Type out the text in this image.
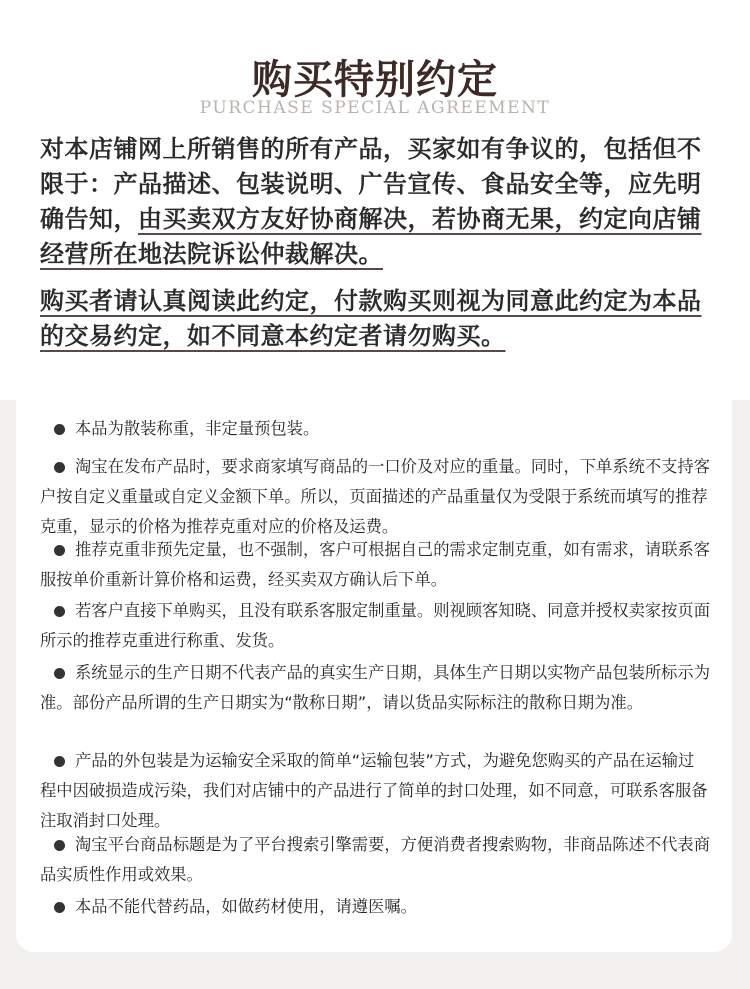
购买特别约定
PURCHASE SPECIAL AGREEMENT
对本店铺网上所销售的所有产品，买家如有争议的，包括但不限于：产品描述、包装说明、广告宣传、食品安全等，应先明确告知，由买卖双方友好协商解决，若协商无果，约定向店铺经营所在地法院诉讼仲裁解决。
购买者请认真阅读此约定，付款购买则视为同意此约定为本品的交易约定，如不同意本约定者请勿购买。
本品为散装称重，非定量预包装。
淘宝在发布产品时，要求商家填写商品的一口价及对应的重量。同时，下单系统不支持客户按自定义重量或自定义金额下单。所以，页面描述的产品重量仅为受限于系统而填写的推荐克重，显示的价格为推荐克重对应的价格及运费。
推荐克重非预先定量，也不强制，客户可根据自己的需求定制克重，如有需求，请联系客服按单价重新计算价格和运费，经买卖双方确认后下单。
若客户直接下单购买，且没有联系客服定制重量。则视顾客知晓、同意并授权卖家按页面所示的推荐克重进行称重、发货。
系统显示的生产日期不代表产品的真实生产日期，具体生产日期以实物产品包装所标示为准。部份产品所谓的生产日期实为“散称日期”，请以货品实际标注的散称日期为准。
产品的外包装是为运输安全采取的简单“运输包装”方式，为避免您购买的产品在运输过程中因破损造成污染，我们对店铺中的产品进行了简单的封口处理，如不同意，可联系客服备注取消封口处理。
淘宝平台商品标题是为了平台搜索引擎需要，方便消费者搜索购物，非商品陈述不代表商品实质性作用或效果。
本品不能代替药品，如做药材使用，请遵医嘱。
